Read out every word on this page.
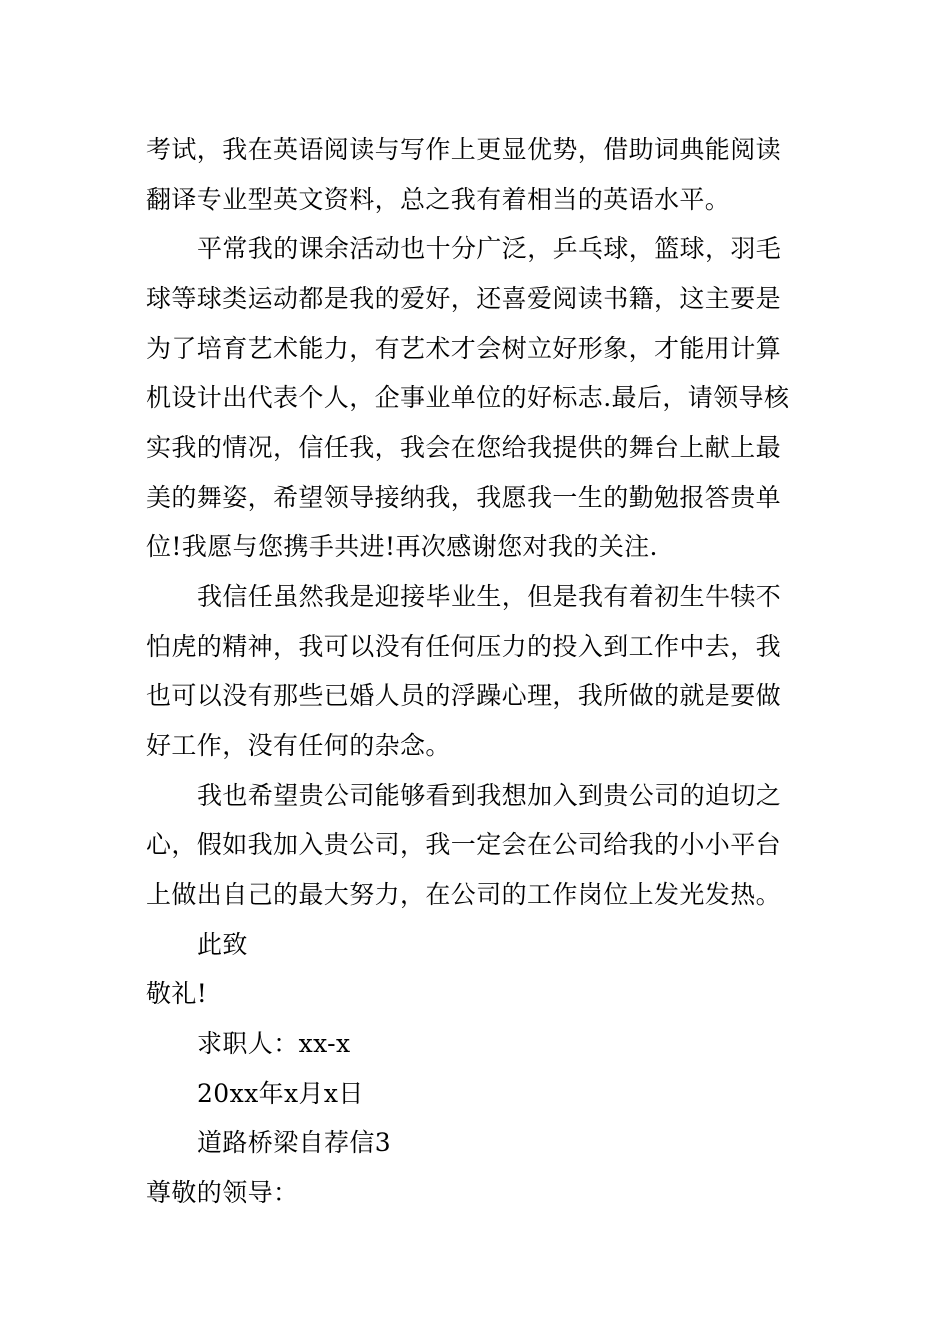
考试，我在英语阅读与写作上更显优势，借助词典能阅读
翻译专业型英文资料，总之我有着相当的英语水平。
平常我的课余活动也十分广泛，乒乓球，篮球，羽毛
球等球类运动都是我的爱好，还喜爱阅读书籍，这主要是
为了培育艺术能力，有艺术才会树立好形象，才能用计算
机设计出代表个人，企事业单位的好标志.最后，请领导核
实我的情况，信任我，我会在您给我提供的舞台上献上最
美的舞姿，希望领导接纳我，我愿我一生的勤勉报答贵单
位!我愿与您携手共进!再次感谢您对我的关注.
我信任虽然我是迎接毕业生，但是我有着初生牛犊不
怕虎的精神，我可以没有任何压力的投入到工作中去，我
也可以没有那些已婚人员的浮躁心理，我所做的就是要做
好工作，没有任何的杂念。
我也希望贵公司能够看到我想加入到贵公司的迫切之
心，假如我加入贵公司，我一定会在公司给我的小小平台
上做出自己的最大努力，在公司的工作岗位上发光发热。
此致
敬礼!
求职人：xx-x
20xx年x月x日
道路桥梁自荐信3
尊敬的领导：
